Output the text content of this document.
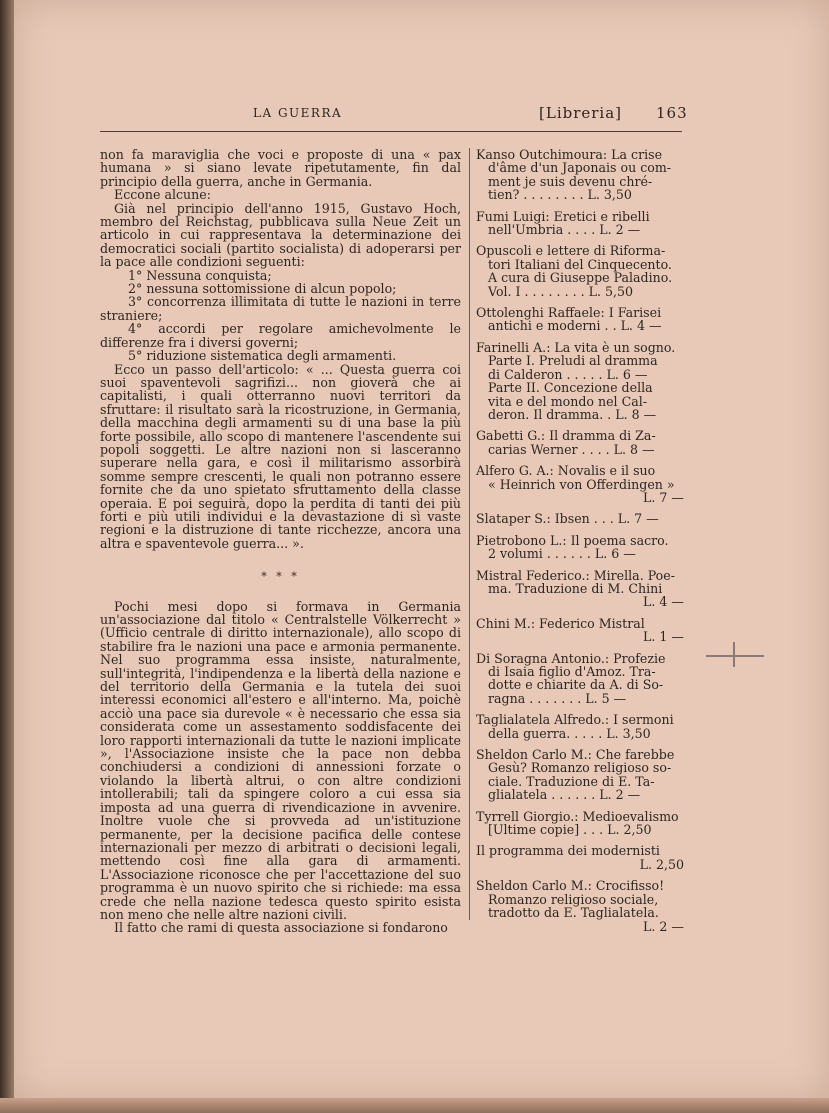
LA GUERRA	[Libreria] 163

non fa maraviglia che voci e proposte di una « pax humana » si siano levate ripetutamente, fin dal principio della guerra, anche in Germania.

Eccone alcune:

Già nel principio dell'anno 1915, Gustavo Hoch, membro del Reichstag, pubblicava sulla Neue Zeit un articolo in cui rappresentava la determinazione dei democratici sociali (partito socialista) di adoperarsi per la pace alle condizioni seguenti:

1° Nessuna conquista;

2° nessuna sottomissione di alcun popolo;

3° concorrenza illimitata di tutte le nazioni in terre straniere;

4° accordi per regolare amichevolmente le differenze fra i diversi governi;

5° riduzione sistematica degli armamenti.

Ecco un passo dell'articolo: « ... Questa guerra coi suoi spaventevoli sagrifizi... non gioverà che ai capitalisti, i quali otterranno nuovi territori da sfruttare: il risultato sarà la ricostruzione, in Germania, della macchina degli armamenti su di una base la più forte possibile, allo scopo di mantenere l'ascendente sui popoli soggetti. Le altre nazioni non si lasceranno superare nella gara, e così il militarismo assorbirà somme sempre crescenti, le quali non potranno essere fornite che da uno spietato sfruttamento della classe operaia. E poi seguirà, dopo la perdita di tanti dei più forti e più utili individui e la devastazione di sì vaste regioni e la distruzione di tante ricchezze, ancora una altra e spaventevole guerra... ».

* * *

Pochi mesi dopo si formava in Germania un'associazione dal titolo « Centralstelle Völkerrecht » (Ufficio centrale di diritto internazionale), allo scopo di stabilire fra le nazioni una pace e armonia permanente. Nel suo programma essa insiste, naturalmente, sull'integrità, l'indipendenza e la libertà della nazione e del territorio della Germania e la tutela dei suoi interessi economici all'estero e all'interno. Ma, poichè acciò una pace sia durevole « è necessario che essa sia considerata come un assestamento soddisfacente dei loro rapporti internazionali da tutte le nazioni implicate », l'Associazione insiste che la pace non debba conchiudersi a condizioni di annessioni forzate o violando la libertà altrui, o con altre condizioni intollerabili; tali da spingere coloro a cui essa sia imposta ad una guerra di rivendicazione in avvenire. Inoltre vuole che si provveda ad un'istituzione permanente, per la decisione pacifica delle contese internazionali per mezzo di arbitrati o decisioni legali, mettendo così fine alla gara di armamenti. L'Associazione riconosce che per l'accettazione del suo programma è un nuovo spirito che si richiede: ma essa crede che nella nazione tedesca questo spirito esista non meno che nelle altre nazioni civili.

Il fatto che rami di questa associazione si fondarono

Kanso Outchimoura: La crise
d'âme d'un Japonais ou com-
ment je suis devenu chré-
tien? . . . . . . . . L. 3,50
Fumi Luigi: Eretici e ribelli
nell'Umbria . . . . L. 2 —
Opuscoli e lettere di Riforma-
tori Italiani del Cinquecento.
A cura di Giuseppe Paladino.
Vol. I . . . . . . . . L. 5,50
Ottolenghi Raffaele: I Farisei
antichi e moderni . . L. 4 —
Farinelli A.: La vita è un sogno.
Parte I. Preludi al dramma
di Calderon . . . . . L. 6 —
Parte II. Concezione della
vita e del mondo nel Cal-
deron. Il dramma. . L. 8 —
Gabetti G.: Il dramma di Za-
carias Werner . . . . L. 8 —
Alfero G. A.: Novalis e il suo
« Heinrich von Offerdingen »
L. 7 —
Slataper S.: Ibsen . . . L. 7 —
Pietrobono L.: Il poema sacro.
2 volumi . . . . . . L. 6 —
Mistral Federico.: Mirella. Poe-
ma. Traduzione di M. Chini
L. 4 —
Chini M.: Federico Mistral
L. 1 —
Di Soragna Antonio.: Profezie
di Isaia figlio d'Amoz. Tra-
dotte e chiarite da A. di So-
ragna . . . . . . . L. 5 —
Taglialatela Alfredo.: I sermoni
della guerra. . . . . L. 3,50
Sheldon Carlo M.: Che farebbe
Gesù? Romanzo religioso so-
ciale. Traduzione di E. Ta-
glialatela . . . . . . L. 2 —
Tyrrell Giorgio.: Medioevalismo
[Ultime copie] . . . L. 2,50
Il programma dei modernisti
L. 2,50
Sheldon Carlo M.: Crocifisso!
Romanzo religioso sociale,
tradotto da E. Taglialatela.
L. 2 —
